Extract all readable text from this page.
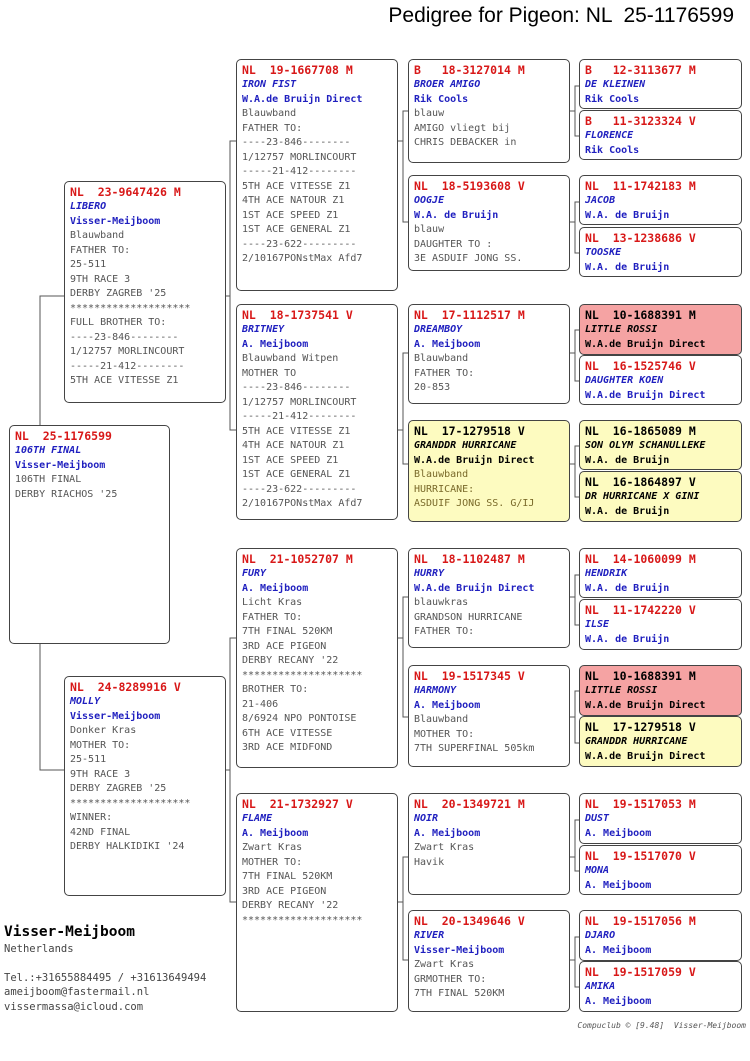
Pedigree for Pigeon: NL  25-1176599
NL  25-1176599
106TH FINAL
Visser-Meijboom
106TH FINAL
DERBY RIACHOS '25
NL  23-9647426 M
LIBERO
Visser-Meijboom
Blauwband
FATHER TO:
25-511
9TH RACE 3
DERBY ZAGREB '25
********************
FULL BROTHER TO:
----23-846--------
1/12757 MORLINCOURT
-----21-412--------
5TH ACE VITESSE Z1
NL  24-8289916 V
MOLLY
Visser-Meijboom
Donker Kras
MOTHER TO:
25-511
9TH RACE 3
DERBY ZAGREB '25
********************
WINNER:
42ND FINAL
DERBY HALKIDIKI '24
NL  19-1667708 M
IRON FIST
W.A.de Bruijn Direct
Blauwband
FATHER TO:
----23-846--------
1/12757 MORLINCOURT
-----21-412--------
5TH ACE VITESSE Z1
4TH ACE NATOUR Z1
1ST ACE SPEED Z1
1ST ACE GENERAL Z1
----23-622---------
2/10167PONstMax Afd7
NL  18-1737541 V
BRITNEY
A. Meijboom
Blauwband Witpen
MOTHER TO
----23-846--------
1/12757 MORLINCOURT
-----21-412--------
5TH ACE VITESSE Z1
4TH ACE NATOUR Z1
1ST ACE SPEED Z1
1ST ACE GENERAL Z1
----23-622---------
2/10167PONstMax Afd7
NL  21-1052707 M
FURY
A. Meijboom
Licht Kras
FATHER TO:
7TH FINAL 520KM
3RD ACE PIGEON
DERBY RECANY '22
********************
BROTHER TO:
21-406
8/6924 NPO PONTOISE
6TH ACE VITESSE
3RD ACE MIDFOND
NL  21-1732927 V
FLAME
A. Meijboom
Zwart Kras
MOTHER TO:
7TH FINAL 520KM
3RD ACE PIGEON
DERBY RECANY '22
********************
B   18-3127014 M
BROER AMIGO
Rik Cools
blauw
AMIGO vliegt bij
CHRIS DEBACKER in
NL  18-5193608 V
OOGJE
W.A. de Bruijn
blauw
DAUGHTER TO :
3E ASDUIF JONG SS.
NL  17-1112517 M
DREAMBOY
A. Meijboom
Blauwband
FATHER TO:
20-853
NL  17-1279518 V
GRANDDR HURRICANE
W.A.de Bruijn Direct
Blauwband
HURRICANE:
ASDUIF JONG SS. G/IJ
NL  18-1102487 M
HURRY
W.A.de Bruijn Direct
blauwkras
GRANDSON HURRICANE
FATHER TO:
NL  19-1517345 V
HARMONY
A. Meijboom
Blauwband
MOTHER TO:
7TH SUPERFINAL 505km
NL  20-1349721 M
NOIR
A. Meijboom
Zwart Kras
Havik
NL  20-1349646 V
RIVER
Visser-Meijboom
Zwart Kras
GRMOTHER TO:
7TH FINAL 520KM
B   12-3113677 M
DE KLEINEN
Rik Cools
B   11-3123324 V
FLORENCE
Rik Cools
NL  11-1742183 M
JACOB
W.A. de Bruijn
NL  13-1238686 V
TOOSKE
W.A. de Bruijn
NL  10-1688391 M
LITTLE ROSSI
W.A.de Bruijn Direct
NL  16-1525746 V
DAUGHTER KOEN
W.A.de Bruijn Direct
NL  16-1865089 M
SON OLYM SCHANULLEKE
W.A. de Bruijn
NL  16-1864897 V
DR HURRICANE X GINI
W.A. de Bruijn
NL  14-1060099 M
HENDRIK
W.A. de Bruijn
NL  11-1742220 V
ILSE
W.A. de Bruijn
NL  10-1688391 M
LITTLE ROSSI
W.A.de Bruijn Direct
NL  17-1279518 V
GRANDDR HURRICANE
W.A.de Bruijn Direct
NL  19-1517053 M
DUST
A. Meijboom
NL  19-1517070 V
MONA
A. Meijboom
NL  19-1517056 M
DJARO
A. Meijboom
NL  19-1517059 V
AMIKA
A. Meijboom
Visser-Meijboom
Netherlands
Tel.:+31655884495 / +31613649494
ameijboom@fastermail.nl
vissermassa@icloud.com
Compuclub © [9.48]  Visser-Meijboom
